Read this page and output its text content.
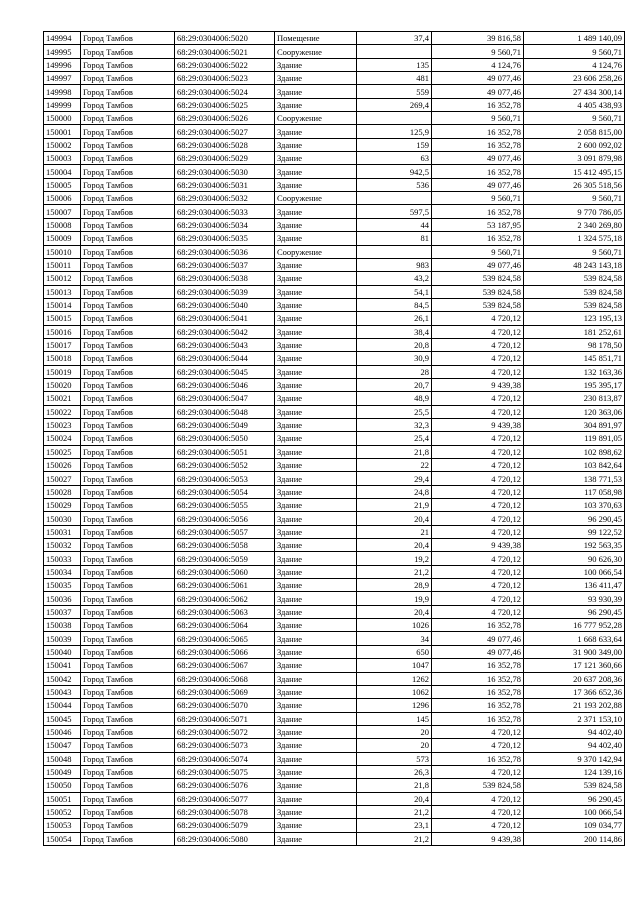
149994	Город Тамбов	68:29:0304006:5020	Помещение	37,4	39 816,58	1 489 140,09
149995	Город Тамбов	68:29:0304006:5021	Сооружение		9 560,71	9 560,71
149996	Город Тамбов	68:29:0304006:5022	Здание	135	4 124,76	4 124,76
149997	Город Тамбов	68:29:0304006:5023	Здание	481	49 077,46	23 606 258,26
149998	Город Тамбов	68:29:0304006:5024	Здание	559	49 077,46	27 434 300,14
149999	Город Тамбов	68:29:0304006:5025	Здание	269,4	16 352,78	4 405 438,93
150000	Город Тамбов	68:29:0304006:5026	Сооружение		9 560,71	9 560,71
150001	Город Тамбов	68:29:0304006:5027	Здание	125,9	16 352,78	2 058 815,00
150002	Город Тамбов	68:29:0304006:5028	Здание	159	16 352,78	2 600 092,02
150003	Город Тамбов	68:29:0304006:5029	Здание	63	49 077,46	3 091 879,98
150004	Город Тамбов	68:29:0304006:5030	Здание	942,5	16 352,78	15 412 495,15
150005	Город Тамбов	68:29:0304006:5031	Здание	536	49 077,46	26 305 518,56
150006	Город Тамбов	68:29:0304006:5032	Сооружение		9 560,71	9 560,71
150007	Город Тамбов	68:29:0304006:5033	Здание	597,5	16 352,78	9 770 786,05
150008	Город Тамбов	68:29:0304006:5034	Здание	44	53 187,95	2 340 269,80
150009	Город Тамбов	68:29:0304006:5035	Здание	81	16 352,78	1 324 575,18
150010	Город Тамбов	68:29:0304006:5036	Сооружение		9 560,71	9 560,71
150011	Город Тамбов	68:29:0304006:5037	Здание	983	49 077,46	48 243 143,18
150012	Город Тамбов	68:29:0304006:5038	Здание	43,2	539 824,58	539 824,58
150013	Город Тамбов	68:29:0304006:5039	Здание	54,1	539 824,58	539 824,58
150014	Город Тамбов	68:29:0304006:5040	Здание	84,5	539 824,58	539 824,58
150015	Город Тамбов	68:29:0304006:5041	Здание	26,1	4 720,12	123 195,13
150016	Город Тамбов	68:29:0304006:5042	Здание	38,4	4 720,12	181 252,61
150017	Город Тамбов	68:29:0304006:5043	Здание	20,8	4 720,12	98 178,50
150018	Город Тамбов	68:29:0304006:5044	Здание	30,9	4 720,12	145 851,71
150019	Город Тамбов	68:29:0304006:5045	Здание	28	4 720,12	132 163,36
150020	Город Тамбов	68:29:0304006:5046	Здание	20,7	9 439,38	195 395,17
150021	Город Тамбов	68:29:0304006:5047	Здание	48,9	4 720,12	230 813,87
150022	Город Тамбов	68:29:0304006:5048	Здание	25,5	4 720,12	120 363,06
150023	Город Тамбов	68:29:0304006:5049	Здание	32,3	9 439,38	304 891,97
150024	Город Тамбов	68:29:0304006:5050	Здание	25,4	4 720,12	119 891,05
150025	Город Тамбов	68:29:0304006:5051	Здание	21,8	4 720,12	102 898,62
150026	Город Тамбов	68:29:0304006:5052	Здание	22	4 720,12	103 842,64
150027	Город Тамбов	68:29:0304006:5053	Здание	29,4	4 720,12	138 771,53
150028	Город Тамбов	68:29:0304006:5054	Здание	24,8	4 720,12	117 058,98
150029	Город Тамбов	68:29:0304006:5055	Здание	21,9	4 720,12	103 370,63
150030	Город Тамбов	68:29:0304006:5056	Здание	20,4	4 720,12	96 290,45
150031	Город Тамбов	68:29:0304006:5057	Здание	21	4 720,12	99 122,52
150032	Город Тамбов	68:29:0304006:5058	Здание	20,4	9 439,38	192 563,35
150033	Город Тамбов	68:29:0304006:5059	Здание	19,2	4 720,12	90 626,30
150034	Город Тамбов	68:29:0304006:5060	Здание	21,2	4 720,12	100 066,54
150035	Город Тамбов	68:29:0304006:5061	Здание	28,9	4 720,12	136 411,47
150036	Город Тамбов	68:29:0304006:5062	Здание	19,9	4 720,12	93 930,39
150037	Город Тамбов	68:29:0304006:5063	Здание	20,4	4 720,12	96 290,45
150038	Город Тамбов	68:29:0304006:5064	Здание	1026	16 352,78	16 777 952,28
150039	Город Тамбов	68:29:0304006:5065	Здание	34	49 077,46	1 668 633,64
150040	Город Тамбов	68:29:0304006:5066	Здание	650	49 077,46	31 900 349,00
150041	Город Тамбов	68:29:0304006:5067	Здание	1047	16 352,78	17 121 360,66
150042	Город Тамбов	68:29:0304006:5068	Здание	1262	16 352,78	20 637 208,36
150043	Город Тамбов	68:29:0304006:5069	Здание	1062	16 352,78	17 366 652,36
150044	Город Тамбов	68:29:0304006:5070	Здание	1296	16 352,78	21 193 202,88
150045	Город Тамбов	68:29:0304006:5071	Здание	145	16 352,78	2 371 153,10
150046	Город Тамбов	68:29:0304006:5072	Здание	20	4 720,12	94 402,40
150047	Город Тамбов	68:29:0304006:5073	Здание	20	4 720,12	94 402,40
150048	Город Тамбов	68:29:0304006:5074	Здание	573	16 352,78	9 370 142,94
150049	Город Тамбов	68:29:0304006:5075	Здание	26,3	4 720,12	124 139,16
150050	Город Тамбов	68:29:0304006:5076	Здание	21,8	539 824,58	539 824,58
150051	Город Тамбов	68:29:0304006:5077	Здание	20,4	4 720,12	96 290,45
150052	Город Тамбов	68:29:0304006:5078	Здание	21,2	4 720,12	100 066,54
150053	Город Тамбов	68:29:0304006:5079	Здание	23,1	4 720,12	109 034,77
150054	Город Тамбов	68:29:0304006:5080	Здание	21,2	9 439,38	200 114,86
